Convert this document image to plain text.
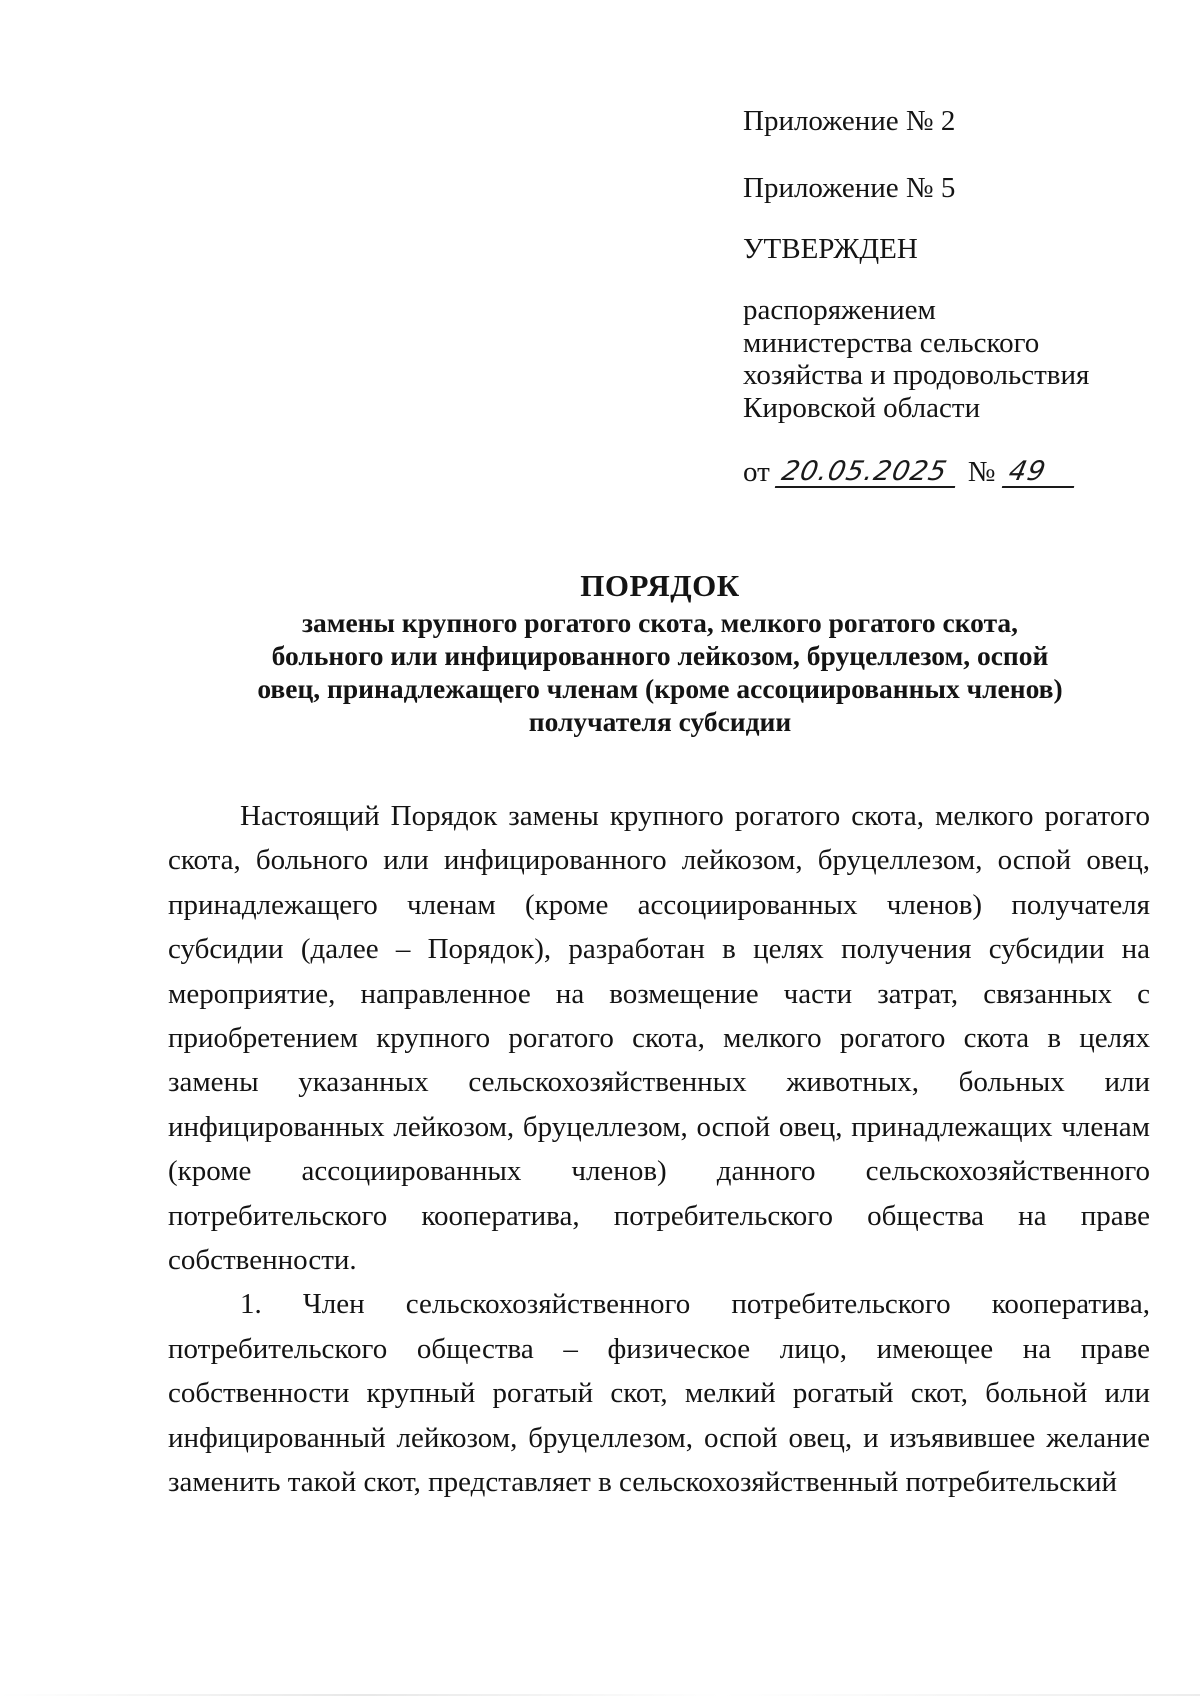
Приложение № 2
Приложение № 5
УТВЕРЖДЕН
распоряжением
министерства сельского
хозяйства и продовольствия
Кировской области
от 20.05.2025 № 49
ПОРЯДОК
замены крупного рогатого скота, мелкого рогатого скота,
больного или инфицированного лейкозом, бруцеллезом, оспой
овец, принадлежащего членам (кроме ассоциированных членов)
получателя субсидии

Настоящий Порядок замены крупного рогатого скота, мелкого рогатого скота, больного или инфицированного лейкозом, бруцеллезом, оспой овец, принадлежащего членам (кроме ассоциированных членов) получателя субсидии (далее – Порядок), разработан в целях получения субсидии на мероприятие, направленное на возмещение части затрат, связанных с приобретением крупного рогатого скота, мелкого рогатого скота в целях замены указанных сельскохозяйственных животных, больных или инфицированных лейкозом, бруцеллезом, оспой овец, принадлежащих членам (кроме ассоциированных членов) данного сельскохозяйственного потребительского кооператива, потребительского общества на праве собственности.

1. Член сельскохозяйственного потребительского кооператива, потребительского общества – физическое лицо, имеющее на праве собственности крупный рогатый скот, мелкий рогатый скот, больной или инфицированный лейкозом, бруцеллезом, оспой овец, и изъявившее желание заменить такой скот, представляет в сельскохозяйственный потребительский
